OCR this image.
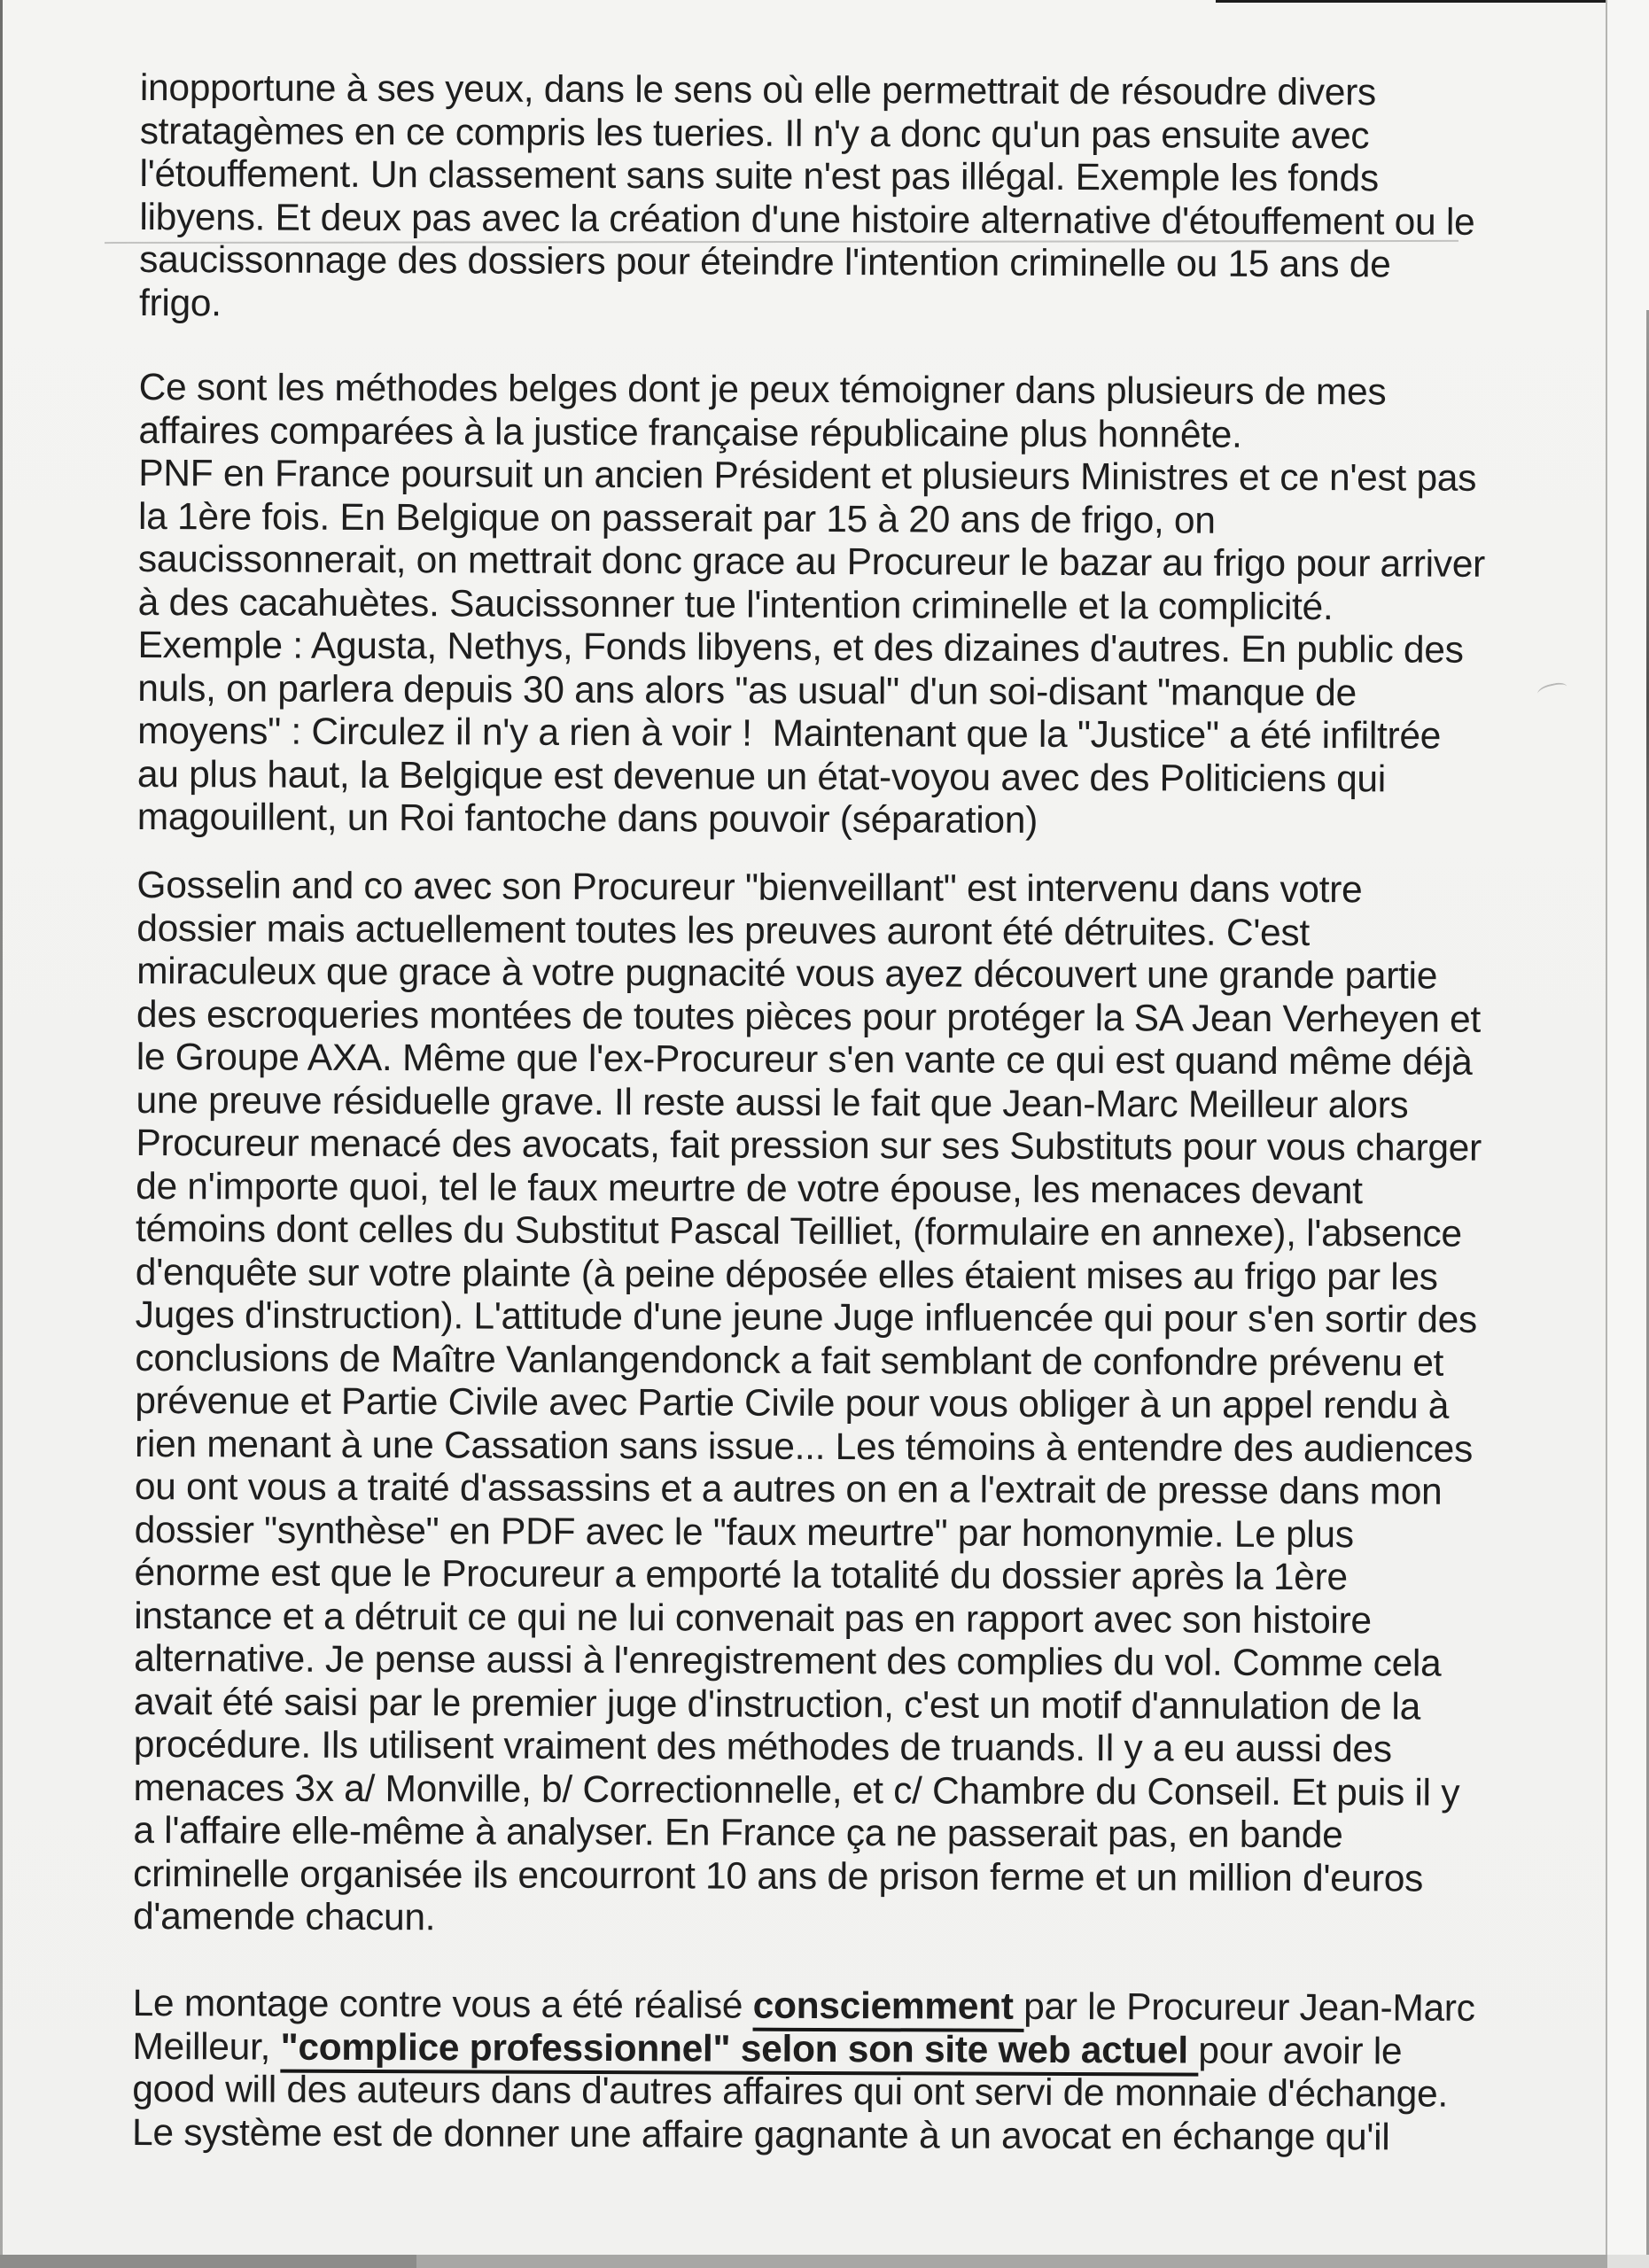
inopportune à ses yeux, dans le sens où elle permettrait de résoudre divers
stratagèmes en ce compris les tueries. Il n'y a donc qu'un pas ensuite avec
l'étouffement. Un classement sans suite n'est pas illégal. Exemple les fonds
libyens. Et deux pas avec la création d'une histoire alternative d'étouffement ou le
saucissonnage des dossiers pour éteindre l'intention criminelle ou 15 ans de
frigo.
Ce sont les méthodes belges dont je peux témoigner dans plusieurs de mes
affaires comparées à la justice française républicaine plus honnête.
PNF en France poursuit un ancien Président et plusieurs Ministres et ce n'est pas
la 1ère fois. En Belgique on passerait par 15 à 20 ans de frigo, on
saucissonnerait, on mettrait donc grace au Procureur le bazar au frigo pour arriver
à des cacahuètes. Saucissonner tue l'intention criminelle et la complicité.
Exemple : Agusta, Nethys, Fonds libyens, et des dizaines d'autres. En public des
nuls, on parlera depuis 30 ans alors "as usual" d'un soi-disant "manque de
moyens" : Circulez il n'y a rien à voir !  Maintenant que la "Justice" a été infiltrée
au plus haut, la Belgique est devenue un état-voyou avec des Politiciens qui
magouillent, un Roi fantoche dans pouvoir (séparation)
Gosselin and co avec son Procureur "bienveillant" est intervenu dans votre
dossier mais actuellement toutes les preuves auront été détruites. C'est
miraculeux que grace à votre pugnacité vous ayez découvert une grande partie
des escroqueries montées de toutes pièces pour protéger la SA Jean Verheyen et
le Groupe AXA. Même que l'ex-Procureur s'en vante ce qui est quand même déjà
une preuve résiduelle grave. Il reste aussi le fait que Jean-Marc Meilleur alors
Procureur menacé des avocats, fait pression sur ses Substituts pour vous charger
de n'importe quoi, tel le faux meurtre de votre épouse, les menaces devant
témoins dont celles du Substitut Pascal Teilliet, (formulaire en annexe), l'absence
d'enquête sur votre plainte (à peine déposée elles étaient mises au frigo par les
Juges d'instruction). L'attitude d'une jeune Juge influencée qui pour s'en sortir des
conclusions de Maître Vanlangendonck a fait semblant de confondre prévenu et
prévenue et Partie Civile avec Partie Civile pour vous obliger à un appel rendu à
rien menant à une Cassation sans issue... Les témoins à entendre des audiences
ou ont vous a traité d'assassins et a autres on en a l'extrait de presse dans mon
dossier "synthèse" en PDF avec le "faux meurtre" par homonymie. Le plus
énorme est que le Procureur a emporté la totalité du dossier après la 1ère
instance et a détruit ce qui ne lui convenait pas en rapport avec son histoire
alternative. Je pense aussi à l'enregistrement des complies du vol. Comme cela
avait été saisi par le premier juge d'instruction, c'est un motif d'annulation de la
procédure. Ils utilisent vraiment des méthodes de truands. Il y a eu aussi des
menaces 3x a/ Monville, b/ Correctionnelle, et c/ Chambre du Conseil. Et puis il y
a l'affaire elle-même à analyser. En France ça ne passerait pas, en bande
criminelle organisée ils encourront 10 ans de prison ferme et un million d'euros
d'amende chacun.
Le montage contre vous a été réalisé consciemment par le Procureur Jean-Marc
Meilleur, "complice professionnel" selon son site web actuel pour avoir le
good will des auteurs dans d'autres affaires qui ont servi de monnaie d'échange.
Le système est de donner une affaire gagnante à un avocat en échange qu'il
